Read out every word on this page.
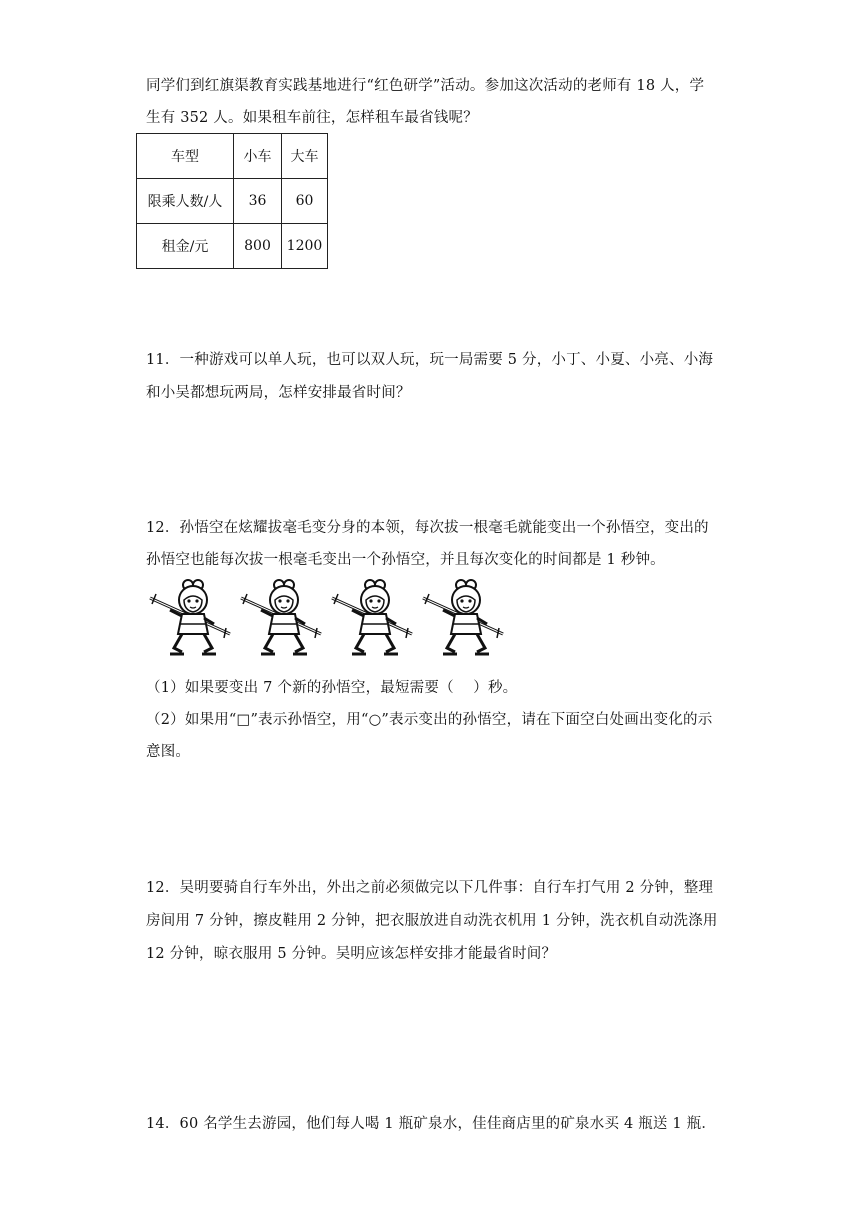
同学们到红旗渠教育实践基地进行“红色研学”活动。参加这次活动的老师有 18 人，学
生有 352 人。如果租车前往，怎样租车最省钱呢？
车型	小车	大车
限乘人数/人	36	60
租金/元	800	1200
11．一种游戏可以单人玩，也可以双人玩，玩一局需要 5 分，小丁、小夏、小亮、小海
和小吴都想玩两局，怎样安排最省时间？
12．孙悟空在炫耀拔毫毛变分身的本领，每次拔一根毫毛就能变出一个孙悟空，变出的
孙悟空也能每次拔一根毫毛变出一个孙悟空，并且每次变化的时间都是 1 秒钟。
（1）如果要变出 7 个新的孙悟空，最短需要（　 ）秒。
（2）如果用“□”表示孙悟空，用“○”表示变出的孙悟空，请在下面空白处画出变化的示
意图。
12．吴明要骑自行车外出，外出之前必须做完以下几件事：自行车打气用 2 分钟，整理
房间用 7 分钟，擦皮鞋用 2 分钟，把衣服放进自动洗衣机用 1 分钟，洗衣机自动洗涤用
12 分钟，晾衣服用 5 分钟。吴明应该怎样安排才能最省时间？
14．60 名学生去游园，他们每人喝 1 瓶矿泉水，佳佳商店里的矿泉水买 4 瓶送 1 瓶．
